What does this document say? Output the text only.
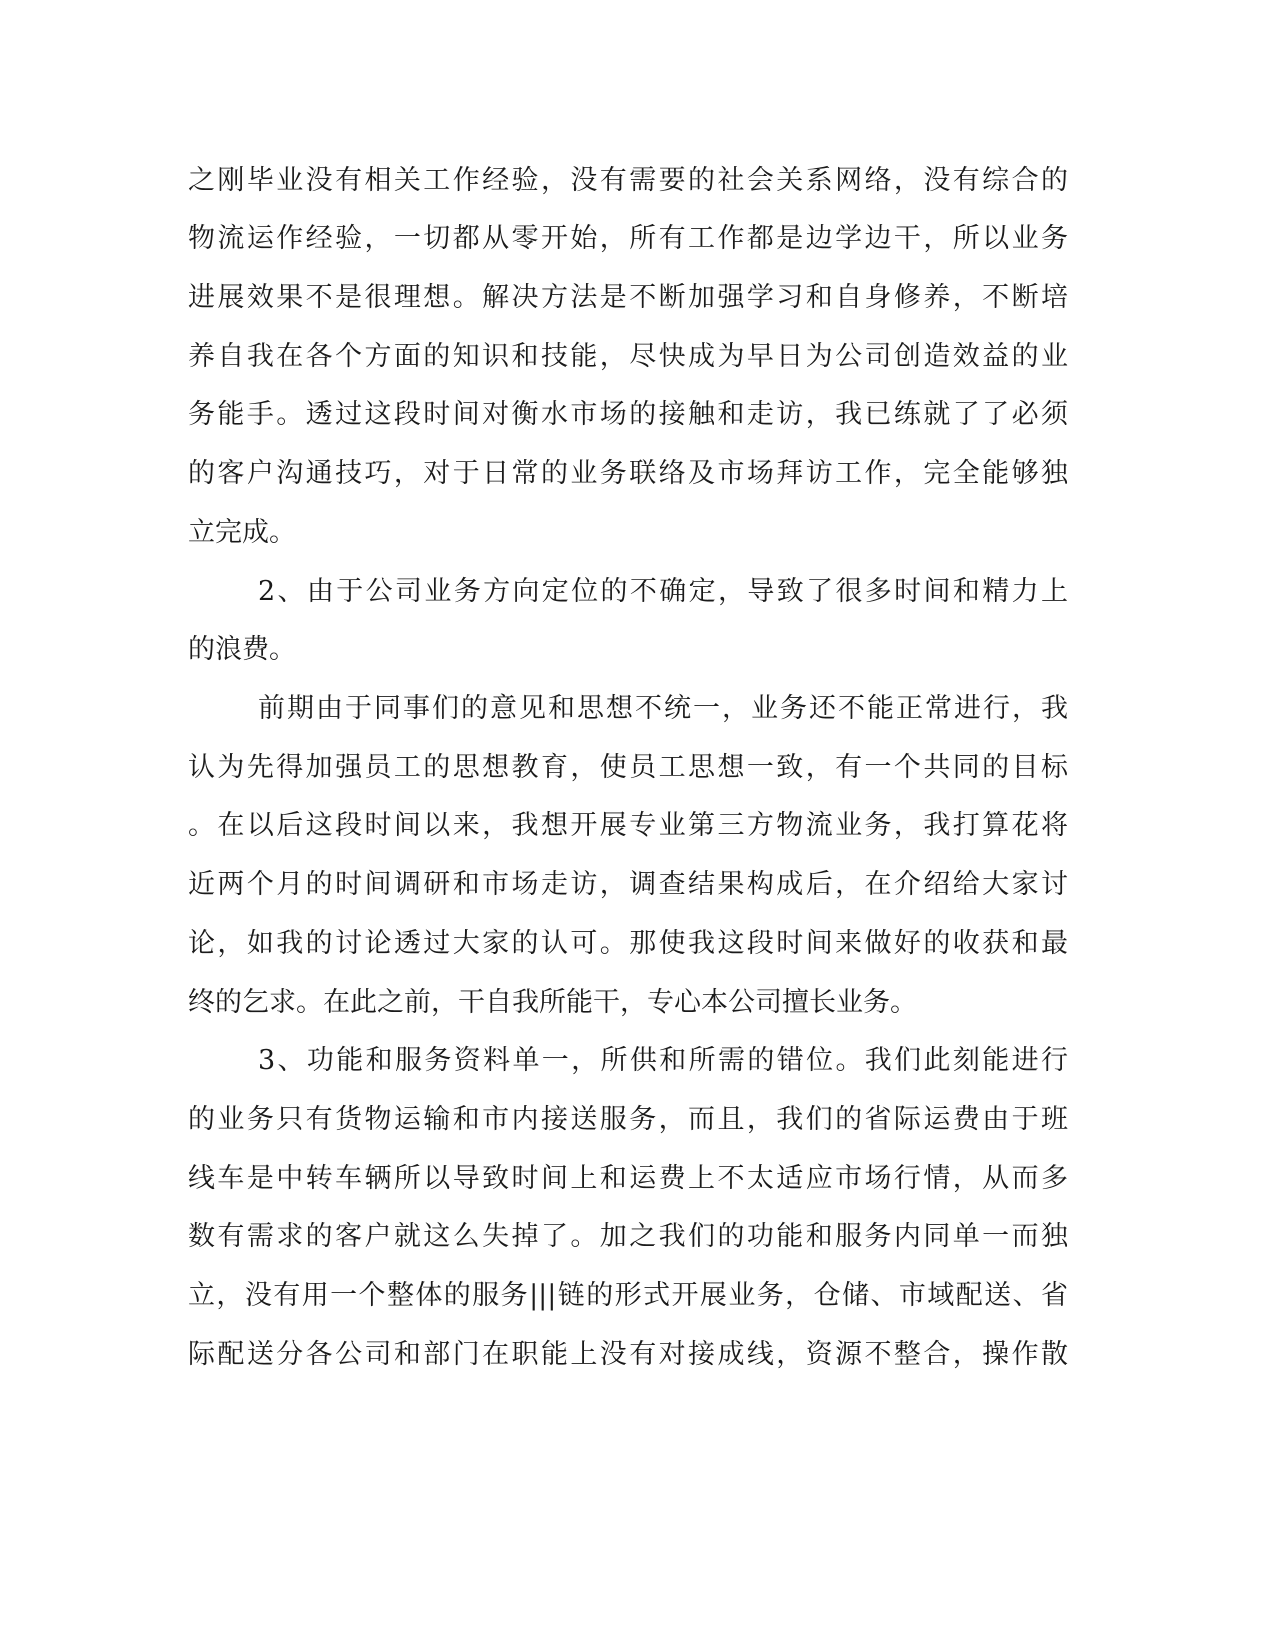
之刚毕业没有相关工作经验，没有需要的社会关系网络，没有综合的
物流运作经验，一切都从零开始，所有工作都是边学边干，所以业务
进展效果不是很理想。解决方法是不断加强学习和自身修养，不断培
养自我在各个方面的知识和技能，尽快成为早日为公司创造效益的业
务能手。透过这段时间对衡水市场的接触和走访，我已练就了了必须
的客户沟通技巧，对于日常的业务联络及市场拜访工作，完全能够独
立完成。
2、由于公司业务方向定位的不确定，导致了很多时间和精力上
的浪费。
前期由于同事们的意见和思想不统一，业务还不能正常进行，我
认为先得加强员工的思想教育，使员工思想一致，有一个共同的目标
。在以后这段时间以来，我想开展专业第三方物流业务，我打算花将
近两个月的时间调研和市场走访，调查结果构成后，在介绍给大家讨
论，如我的讨论透过大家的认可。那使我这段时间来做好的收获和最
终的乞求。在此之前，干自我所能干，专心本公司擅长业务。
3、功能和服务资料单一，所供和所需的错位。我们此刻能进行
的业务只有货物运输和市内接送服务，而且，我们的省际运费由于班
线车是中转车辆所以导致时间上和运费上不太适应市场行情，从而多
数有需求的客户就这么失掉了。加之我们的功能和服务内同单一而独
立，没有用一个整体的服务|||链的形式开展业务，仓储、市域配送、省
际配送分各公司和部门在职能上没有对接成线，资源不整合，操作散
